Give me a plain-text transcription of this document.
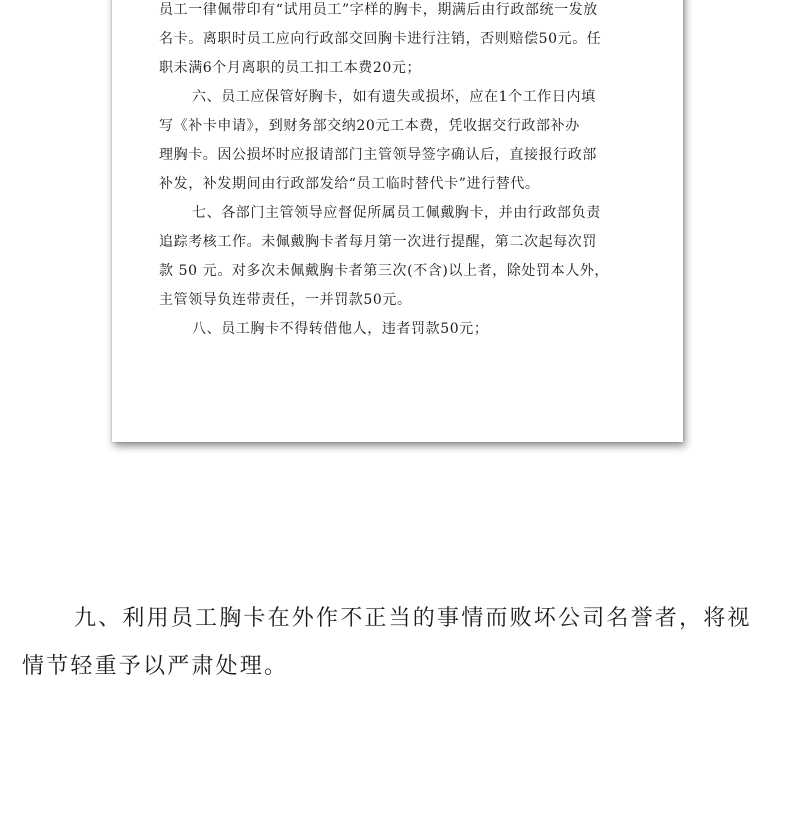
员工一律佩带印有“试用员工”字样的胸卡，期满后由行政部统一发放
名卡。离职时员工应向行政部交回胸卡进行注销，否则赔偿50元。任
职未满6个月离职的员工扣工本费20元；
六、员工应保管好胸卡，如有遗失或损坏，应在1个工作日内填
写《补卡申请》，到财务部交纳20元工本费，凭收据交行政部补办
理胸卡。因公损坏时应报请部门主管领导签字确认后，直接报行政部
补发，补发期间由行政部发给“员工临时替代卡”进行替代。
七、各部门主管领导应督促所属员工佩戴胸卡，并由行政部负责
追踪考核工作。未佩戴胸卡者每月第一次进行提醒，第二次起每次罚
款 50 元。对多次未佩戴胸卡者第三次(不含)以上者，除处罚本人外，
主管领导负连带责任，一并罚款50元。
八、员工胸卡不得转借他人，违者罚款50元；
九、利用员工胸卡在外作不正当的事情而败坏公司名誉者，将视
情节轻重予以严肃处理。
